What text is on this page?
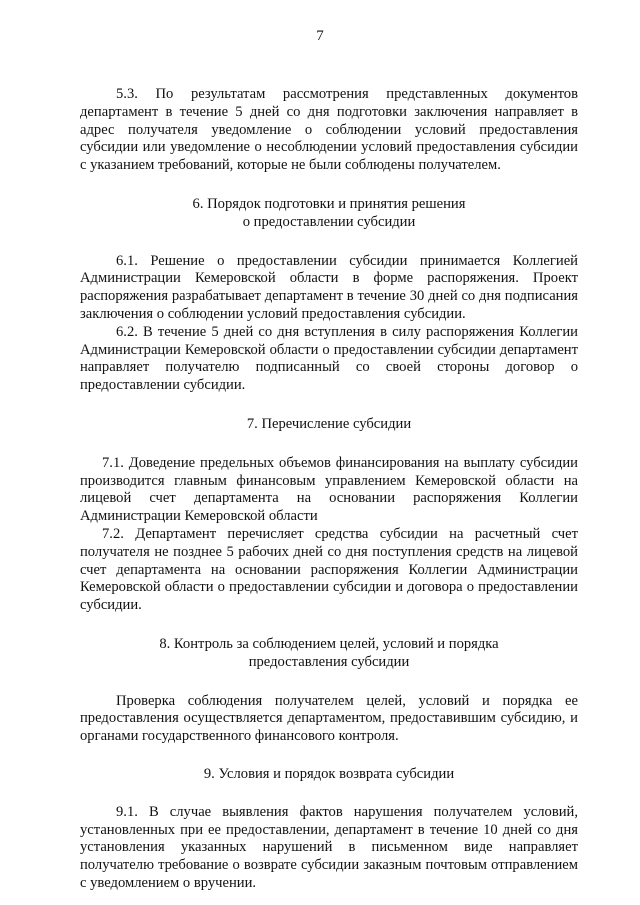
7

5.3. По результатам рассмотрения представленных документов департамент в течение 5 дней со дня подготовки заключения направляет в адрес получателя уведомление о соблюдении условий предоставления субсидии или уведомление о несоблюдении условий предоставления субсидии с указанием требований, которые не были соблюдены получателем.

6. Порядок подготовки и принятия решения
о предоставлении субсидии

6.1. Решение о предоставлении субсидии принимается Коллегией Администрации Кемеровской области в форме распоряжения. Проект распоряжения разрабатывает департамент в течение 30 дней со дня подписания заключения о соблюдении условий предоставления субсидии.

6.2. В течение 5 дней со дня вступления в силу распоряжения Коллегии Администрации Кемеровской области о предоставлении субсидии департамент направляет получателю подписанный со своей стороны договор о предоставлении субсидии.

7. Перечисление субсидии

7.1. Доведение предельных объемов финансирования на выплату субсидии производится главным финансовым управлением Кемеровской области на лицевой счет департамента на основании распоряжения Коллегии Администрации Кемеровской области

7.2. Департамент перечисляет средства субсидии на расчетный счет получателя не позднее 5 рабочих дней со дня поступления средств на лицевой счет департамента на основании распоряжения Коллегии Администрации Кемеровской области о предоставлении субсидии и договора о предоставлении субсидии.

8. Контроль за соблюдением целей, условий и порядка
предоставления субсидии

Проверка соблюдения получателем целей, условий и порядка ее предоставления осуществляется департаментом, предоставившим субсидию, и органами государственного финансового контроля.

9. Условия и порядок возврата субсидии

9.1. В случае выявления фактов нарушения получателем условий, установленных при ее предоставлении, департамент в течение 10 дней со дня установления указанных нарушений в письменном виде направляет получателю требование о возврате субсидии заказным почтовым отправлением с уведомлением о вручении.
